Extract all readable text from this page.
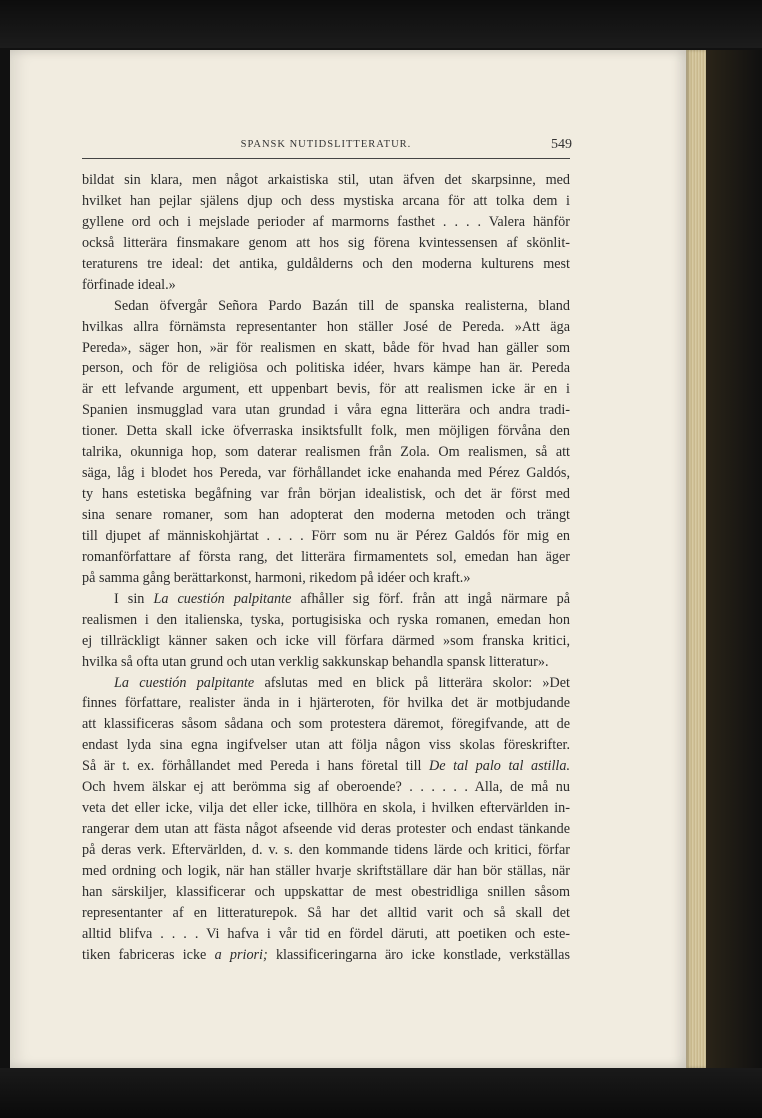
SPANSK NUTIDSLITTERATUR.	549
bildat sin klara, men något arkaistiska stil, utan äfven det skarpsinne, med
hvilket han pejlar själens djup och dess mystiska arcana för att tolka dem i
gyllene ord och i mejslade perioder af marmorns fasthet . . . . Valera hänför
också litterära finsmakare genom att hos sig förena kvintessensen af skönlit-
teraturens tre ideal: det antika, guldålderns och den moderna kulturens mest
förfinade ideal.»
Sedan öfvergår Señora Pardo Bazán till de spanska realisterna, bland
hvilkas allra förnämsta representanter hon ställer José de Pereda. »Att äga
Pereda», säger hon, »är för realismen en skatt, både för hvad han gäller som
person, och för de religiösa och politiska idéer, hvars kämpe han är. Pereda
är ett lefvande argument, ett uppenbart bevis, för att realismen icke är en i
Spanien insmugglad vara utan grundad i våra egna litterära och andra tradi-
tioner. Detta skall icke öfverraska insiktsfullt folk, men möjligen förvåna den
talrika, okunniga hop, som daterar realismen från Zola. Om realismen, så att
säga, låg i blodet hos Pereda, var förhållandet icke enahanda med Pérez Galdós,
ty hans estetiska begåfning var från början idealistisk, och det är först med
sina senare romaner, som han adopterat den moderna metoden och trängt
till djupet af människohjärtat . . . . Förr som nu är Pérez Galdós för mig en
romanförfattare af första rang, det litterära firmamentets sol, emedan han äger
på samma gång berättarkonst, harmoni, rikedom på idéer och kraft.»
I sin La cuestión palpitante afhåller sig förf. från att ingå närmare på
realismen i den italienska, tyska, portugisiska och ryska romanen, emedan hon
ej tillräckligt känner saken och icke vill förfara därmed »som franska kritici,
hvilka så ofta utan grund och utan verklig sakkunskap behandla spansk litteratur».
La cuestión palpitante afslutas med en blick på litterära skolor: »Det
finnes författare, realister ända in i hjärteroten, för hvilka det är motbjudande
att klassificeras såsom sådana och som protestera däremot, föregifvande, att de
endast lyda sina egna ingifvelser utan att följa någon viss skolas föreskrifter.
Så är t. ex. förhållandet med Pereda i hans företal till De tal palo tal astilla.
Och hvem älskar ej att berömma sig af oberoende? . . . . . . Alla, de må nu
veta det eller icke, vilja det eller icke, tillhöra en skola, i hvilken eftervärlden in-
rangerar dem utan att fästa något afseende vid deras protester och endast tänkande
på deras verk. Eftervärlden, d. v. s. den kommande tidens lärde och kritici, förfar
med ordning och logik, när han ställer hvarje skriftställare där han bör ställas, när
han särskiljer, klassificerar och uppskattar de mest obestridliga snillen såsom
representanter af en litteraturepok. Så har det alltid varit och så skall det
alltid blifva . . . . Vi hafva i vår tid en fördel däruti, att poetiken och este-
tiken fabriceras icke a priori; klassificeringarna äro icke konstlade, verkställas
